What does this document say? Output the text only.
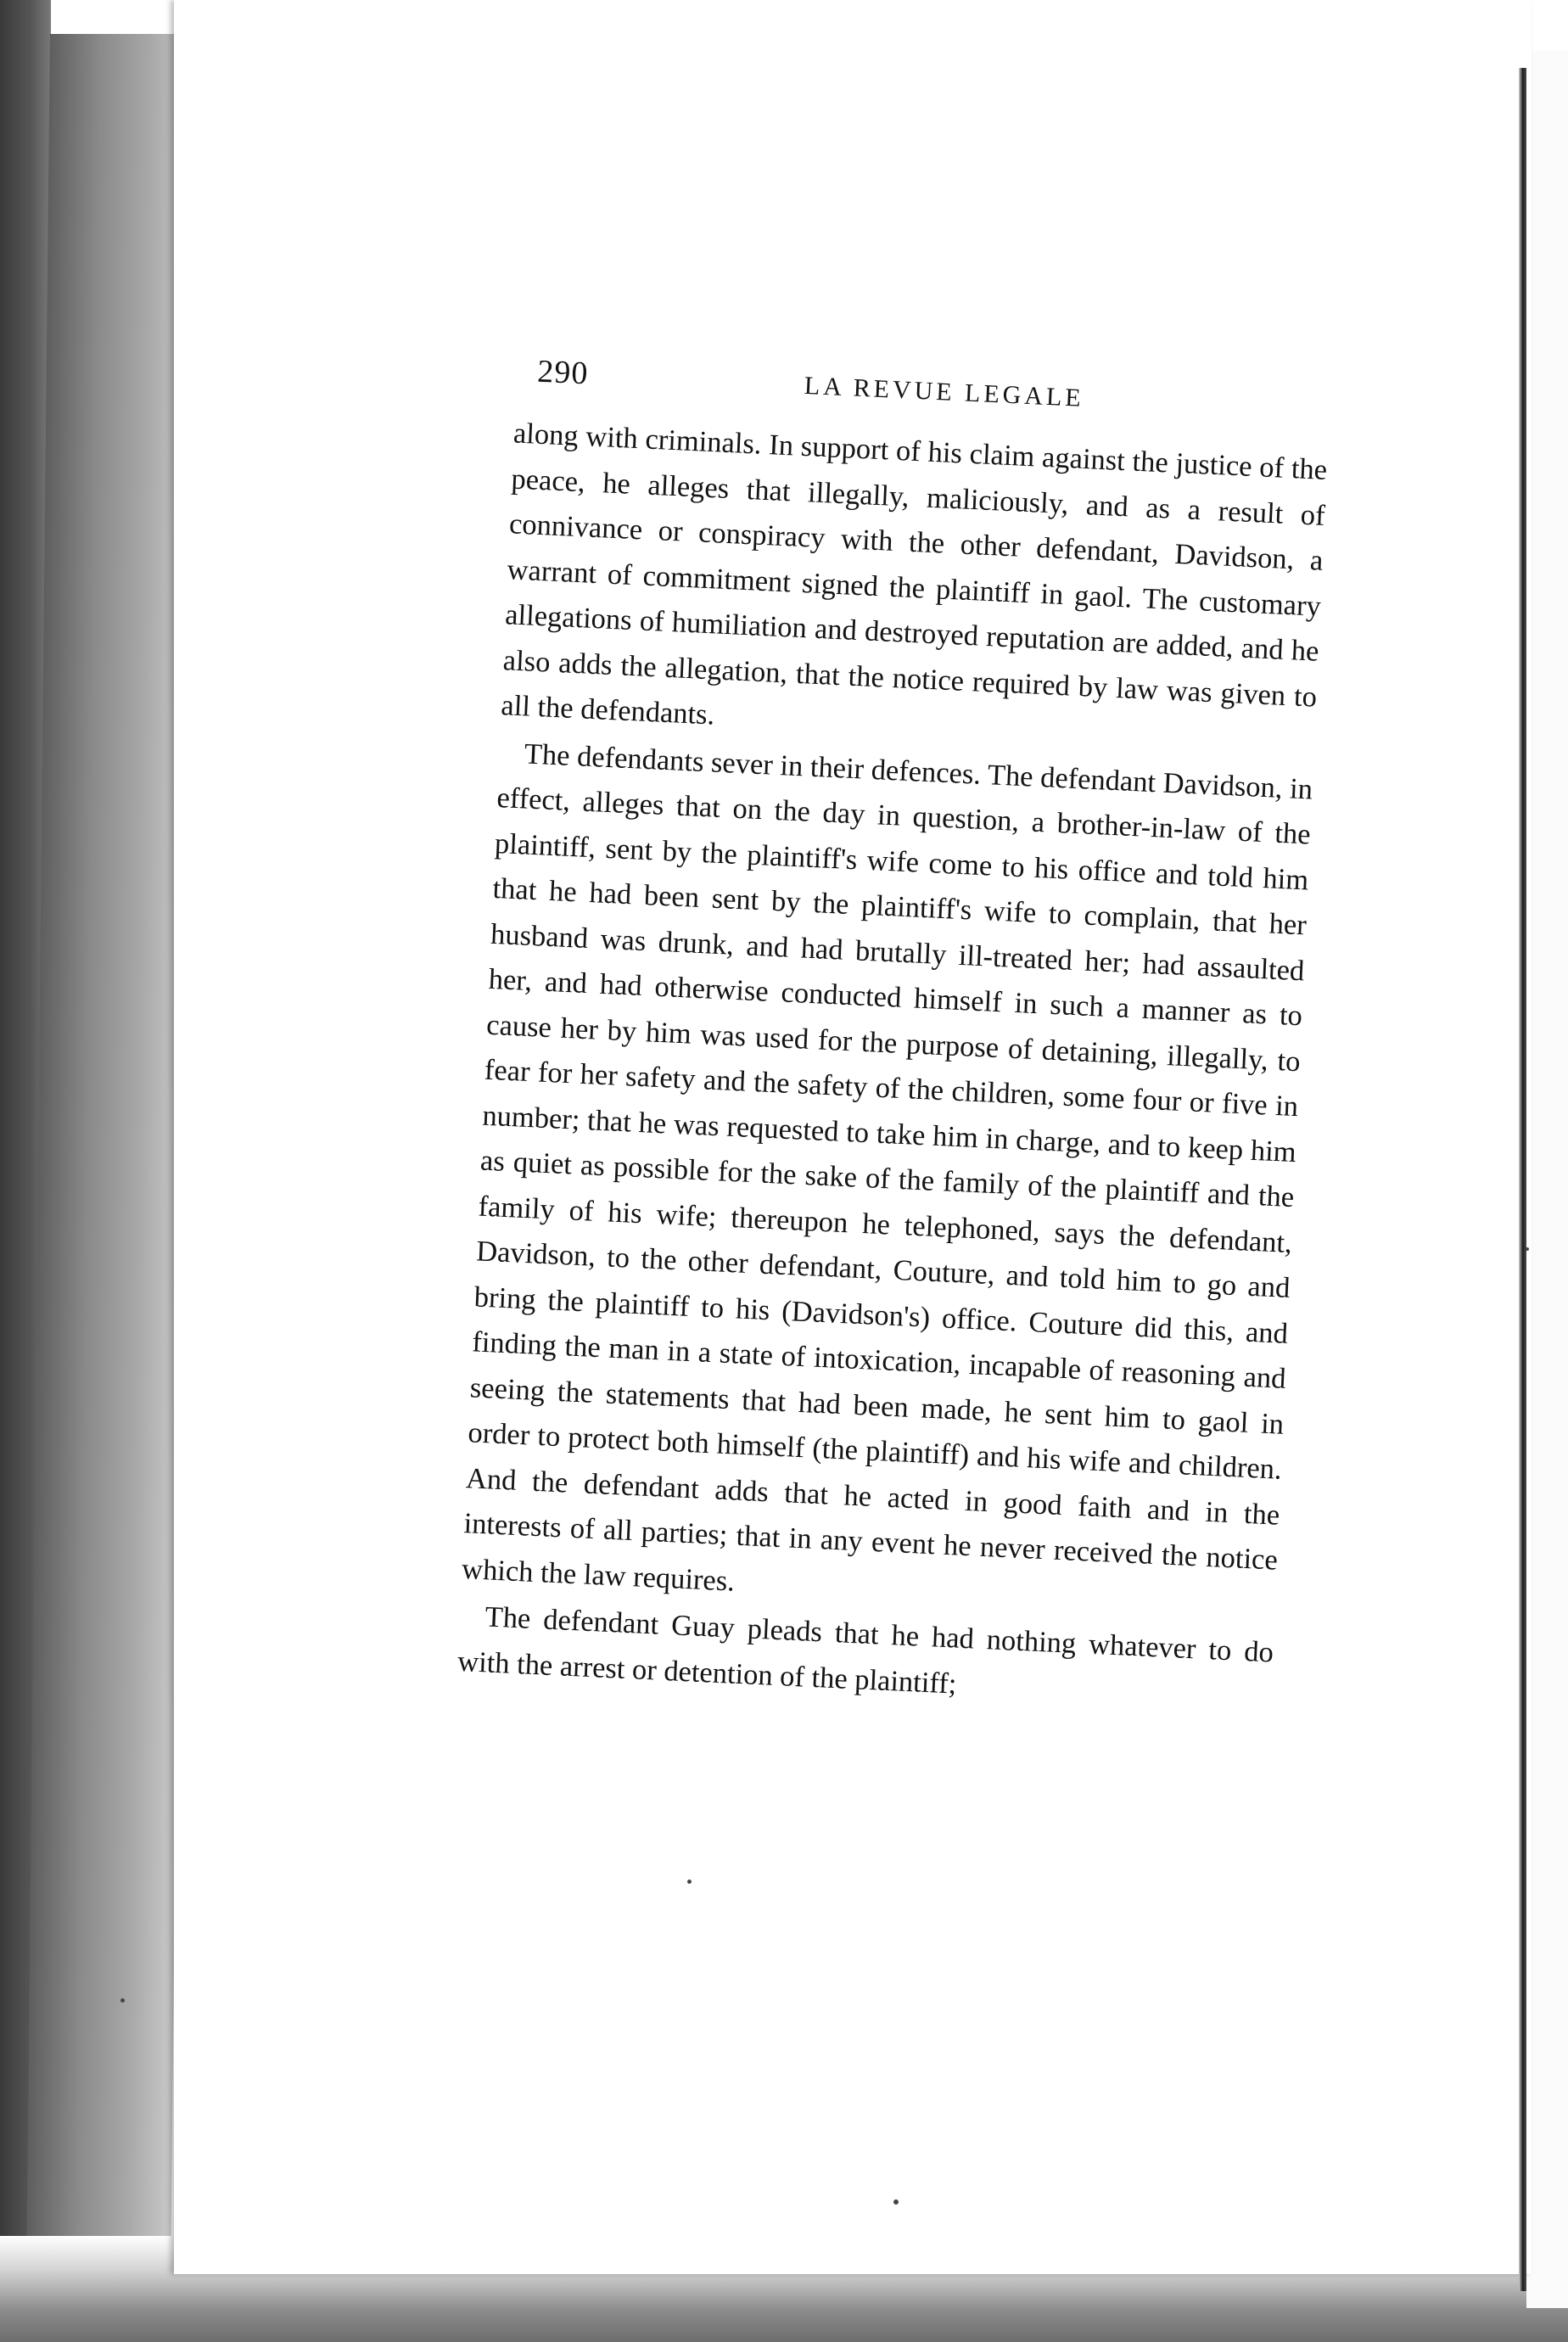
290	LA REVUE LEGALE

along with criminals. In support of his claim against the justice of the peace, he alleges that illegally, maliciously, and as a result of connivance or conspiracy with the other defendant, Davidson, a warrant of commitment signed the plaintiff in gaol. The customary allegations of humiliation and destroyed reputation are added, and he also adds the allegation, that the notice required by law was given to all the defendants.

The defendants sever in their defences. The defendant Davidson, in effect, alleges that on the day in question, a brother-in-law of the plaintiff, sent by the plaintiff's wife come to his office and told him that he had been sent by the plaintiff's wife to complain, that her husband was drunk, and had brutally ill-treated her; had assaulted her, and had otherwise conducted himself in such a manner as to cause her by him was used for the purpose of detaining, illegally, to fear for her safety and the safety of the children, some four or five in number; that he was requested to take him in charge, and to keep him as quiet as possible for the sake of the family of the plaintiff and the family of his wife; thereupon he telephoned, says the defendant, Davidson, to the other defendant, Couture, and told him to go and bring the plaintiff to his (Davidson's) office. Couture did this, and finding the man in a state of intoxication, incapable of reasoning and seeing the statements that had been made, he sent him to gaol in order to protect both himself (the plaintiff) and his wife and children. And the defendant adds that he acted in good faith and in the interests of all parties; that in any event he never received the notice which the law requires.

The defendant Guay pleads that he had nothing whatever to do with the arrest or detention of the plaintiff;
